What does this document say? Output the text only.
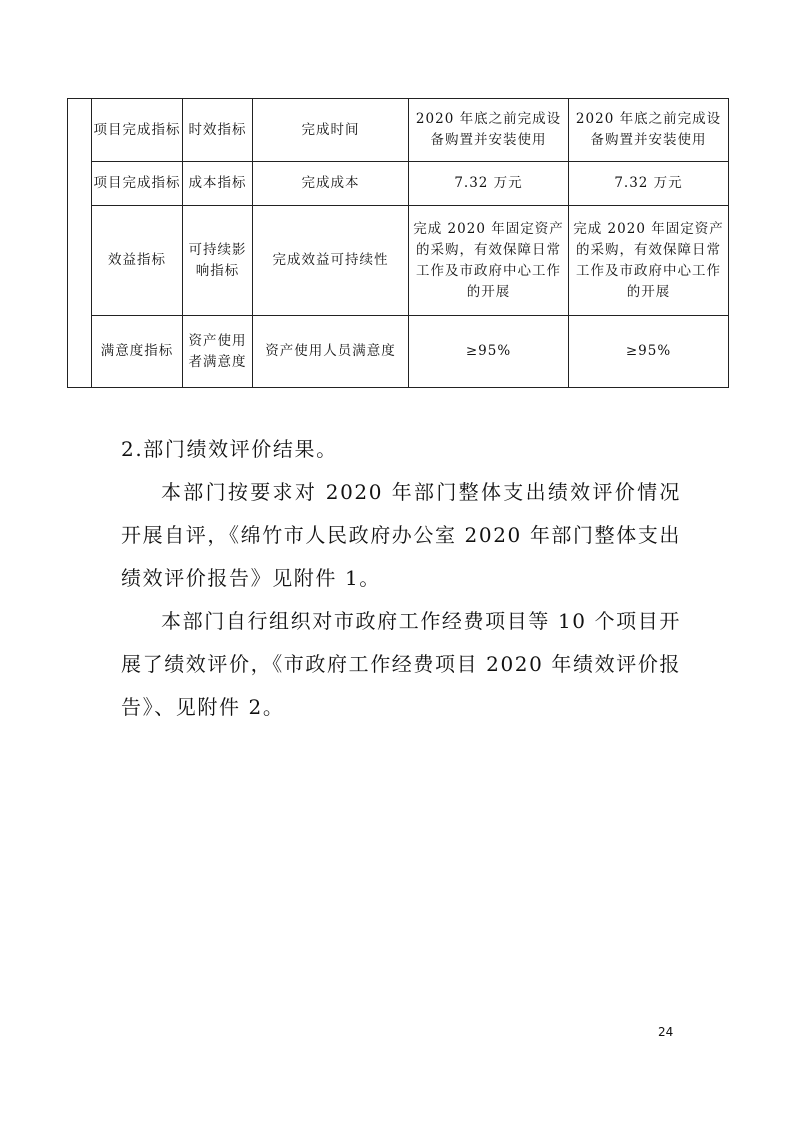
	项目完成指标	时效指标	完成时间	2020 年底之前完成设备购置并安装使用	2020 年底之前完成设备购置并安装使用
	项目完成指标	成本指标	完成成本	7.32 万元	7.32 万元
	效益指标	可持续影响指标	完成效益可持续性	完成 2020 年固定资产的采购，有效保障日常工作及市政府中心工作的开展	完成 2020 年固定资产的采购，有效保障日常工作及市政府中心工作的开展
	满意度指标	资产使用者满意度	资产使用人员满意度	≥95%	≥95%

2.部门绩效评价结果。

本部门按要求对 2020 年部门整体支出绩效评价情况开展自评，《绵竹市人民政府办公室 2020 年部门整体支出绩效评价报告》见附件 1。

本部门自行组织对市政府工作经费项目等 10 个项目开展了绩效评价，《市政府工作经费项目 2020 年绩效评价报告》、见附件 2。

24
